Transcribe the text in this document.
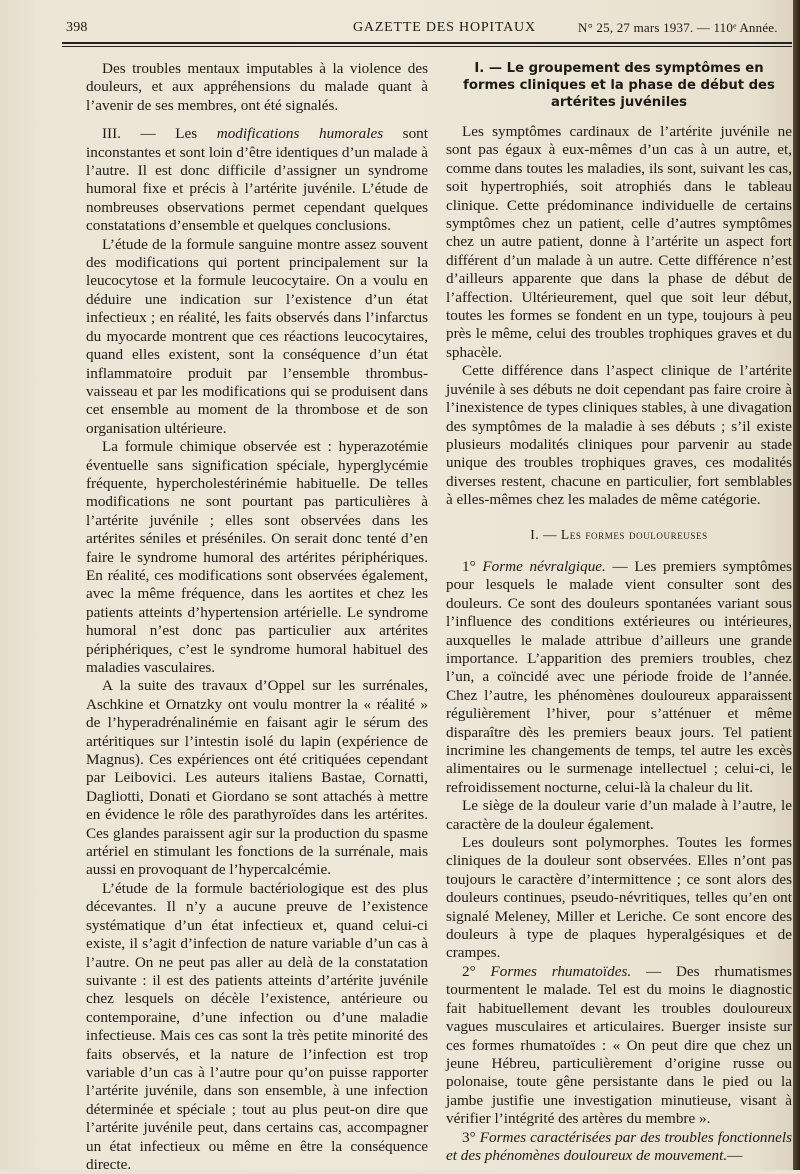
398	GAZETTE DES HOPITAUX	N° 25, 27 mars 1937. — 110ᵉ Année.

Des troubles mentaux imputables à la violence des douleurs, et aux appréhensions du malade quant à l’avenir de ses membres, ont été signalés.

III. — Les modifications humorales sont inconstantes et sont loin d’être identiques d’un malade à l’autre. Il est donc difficile d’assigner un syndrome humoral fixe et précis à l’artérite juvénile. L’étude de nombreuses observations permet cependant quelques constatations d’ensemble et quelques conclusions.

L’étude de la formule sanguine montre assez souvent des modifications qui portent principalement sur la leucocytose et la formule leucocytaire. On a voulu en déduire une indication sur l’existence d’un état infectieux ; en réalité, les faits observés dans l’infarctus du myocarde montrent que ces réactions leucocytaires, quand elles existent, sont la conséquence d’un état inflammatoire produit par l’ensemble thrombus-vaisseau et par les modifications qui se produisent dans cet ensemble au moment de la thrombose et de son organisation ultérieure.

La formule chimique observée est : hyperazotémie éventuelle sans signification spéciale, hyperglycémie fréquente, hypercholestérinémie habituelle. De telles modifications ne sont pourtant pas particulières à l’artérite juvénile ; elles sont observées dans les artérites séniles et préséniles. On serait donc tenté d’en faire le syndrome humoral des artérites périphériques. En réalité, ces modifications sont observées également, avec la même fréquence, dans les aortites et chez les patients atteints d’hypertension artérielle. Le syndrome humoral n’est donc pas particulier aux artérites périphériques, c’est le syndrome humoral habituel des maladies vasculaires.

A la suite des travaux d’Oppel sur les surrénales, Aschkine et Ornatzky ont voulu montrer la « réalité » de l’hyperadrénalinémie en faisant agir le sérum des artéritiques sur l’intestin isolé du lapin (expérience de Magnus). Ces expériences ont été critiquées cependant par Leibovici. Les auteurs italiens Bastae, Cornatti, Dagliotti, Donati et Giordano se sont attachés à mettre en évidence le rôle des parathyroïdes dans les artérites. Ces glandes paraissent agir sur la production du spasme artériel en stimulant les fonctions de la surrénale, mais aussi en provoquant de l’hypercalcémie.

L’étude de la formule bactériologique est des plus décevantes. Il n’y a aucune preuve de l’existence systématique d’un état infectieux et, quand celui-ci existe, il s’agit d’infection de nature variable d’un cas à l’autre. On ne peut pas aller au delà de la constatation suivante : il est des patients atteints d’artérite juvénile chez lesquels on décèle l’existence, antérieure ou contemporaine, d’une infection ou d’une maladie infectieuse. Mais ces cas sont la très petite minorité des faits observés, et la nature de l’infection est trop variable d’un cas à l’autre pour qu’on puisse rapporter l’artérite juvénile, dans son ensemble, à une infection déterminée et spéciale ; tout au plus peut-on dire que l’artérite juvénile peut, dans certains cas, accompagner un état infectieux ou même en être la conséquence directe.

I. — Le groupement des symptômes en formes cliniques et la phase de début des artérites juvéniles

Les symptômes cardinaux de l’artérite juvénile ne sont pas égaux à eux-mêmes d’un cas à un autre, et, comme dans toutes les maladies, ils sont, suivant les cas, soit hypertrophiés, soit atrophiés dans le tableau clinique. Cette prédominance individuelle de certains symptômes chez un patient, celle d’autres symptômes chez un autre patient, donne à l’artérite un aspect fort différent d’un malade à un autre. Cette différence n’est d’ailleurs apparente que dans la phase de début de l’affection. Ultérieurement, quel que soit leur début, toutes les formes se fondent en un type, toujours à peu près le même, celui des troubles trophiques graves et du sphacèle.

Cette différence dans l’aspect clinique de l’artérite juvénile à ses débuts ne doit cependant pas faire croire à l’inexistence de types cliniques stables, à une divagation des symptômes de la maladie à ses débuts ; s’il existe plusieurs modalités cliniques pour parvenir au stade unique des troubles trophiques graves, ces modalités diverses restent, chacune en particulier, fort semblables à elles-mêmes chez les malades de même catégorie.

I. — Les formes douloureuses

1° Forme névralgique. — Les premiers symptômes pour lesquels le malade vient consulter sont des douleurs. Ce sont des douleurs spontanées variant sous l’influence des conditions extérieures ou intérieures, auxquelles le malade attribue d’ailleurs une grande importance. L’apparition des premiers troubles, chez l’un, a coïncidé avec une période froide de l’année. Chez l’autre, les phénomènes douloureux apparaissent régulièrement l’hiver, pour s’atténuer et même disparaître dès les premiers beaux jours. Tel patient incrimine les changements de temps, tel autre les excès alimentaires ou le surmenage intellectuel ; celui-ci, le refroidissement nocturne, celui-là la chaleur du lit.

Le siège de la douleur varie d’un malade à l’autre, le caractère de la douleur également.

Les douleurs sont polymorphes. Toutes les formes cliniques de la douleur sont observées. Elles n’ont pas toujours le caractère d’intermittence ; ce sont alors des douleurs continues, pseudo-névritiques, telles qu’en ont signalé Meleney, Miller et Leriche. Ce sont encore des douleurs à type de plaques hyperalgésiques et de crampes.

2° Formes rhumatoïdes. — Des rhumatismes tourmentent le malade. Tel est du moins le diagnostic fait habituellement devant les troubles douloureux vagues musculaires et articulaires. Buerger insiste sur ces formes rhumatoïdes : « On peut dire que chez un jeune Hébreu, particulièrement d’origine russe ou polonaise, toute gêne persistante dans le pied ou la jambe justifie une investigation minutieuse, visant à vérifier l’intégrité des artères du membre ».

3° Formes caractérisées par des troubles fonctionnels et des phénomènes douloureux de mouvement.—
